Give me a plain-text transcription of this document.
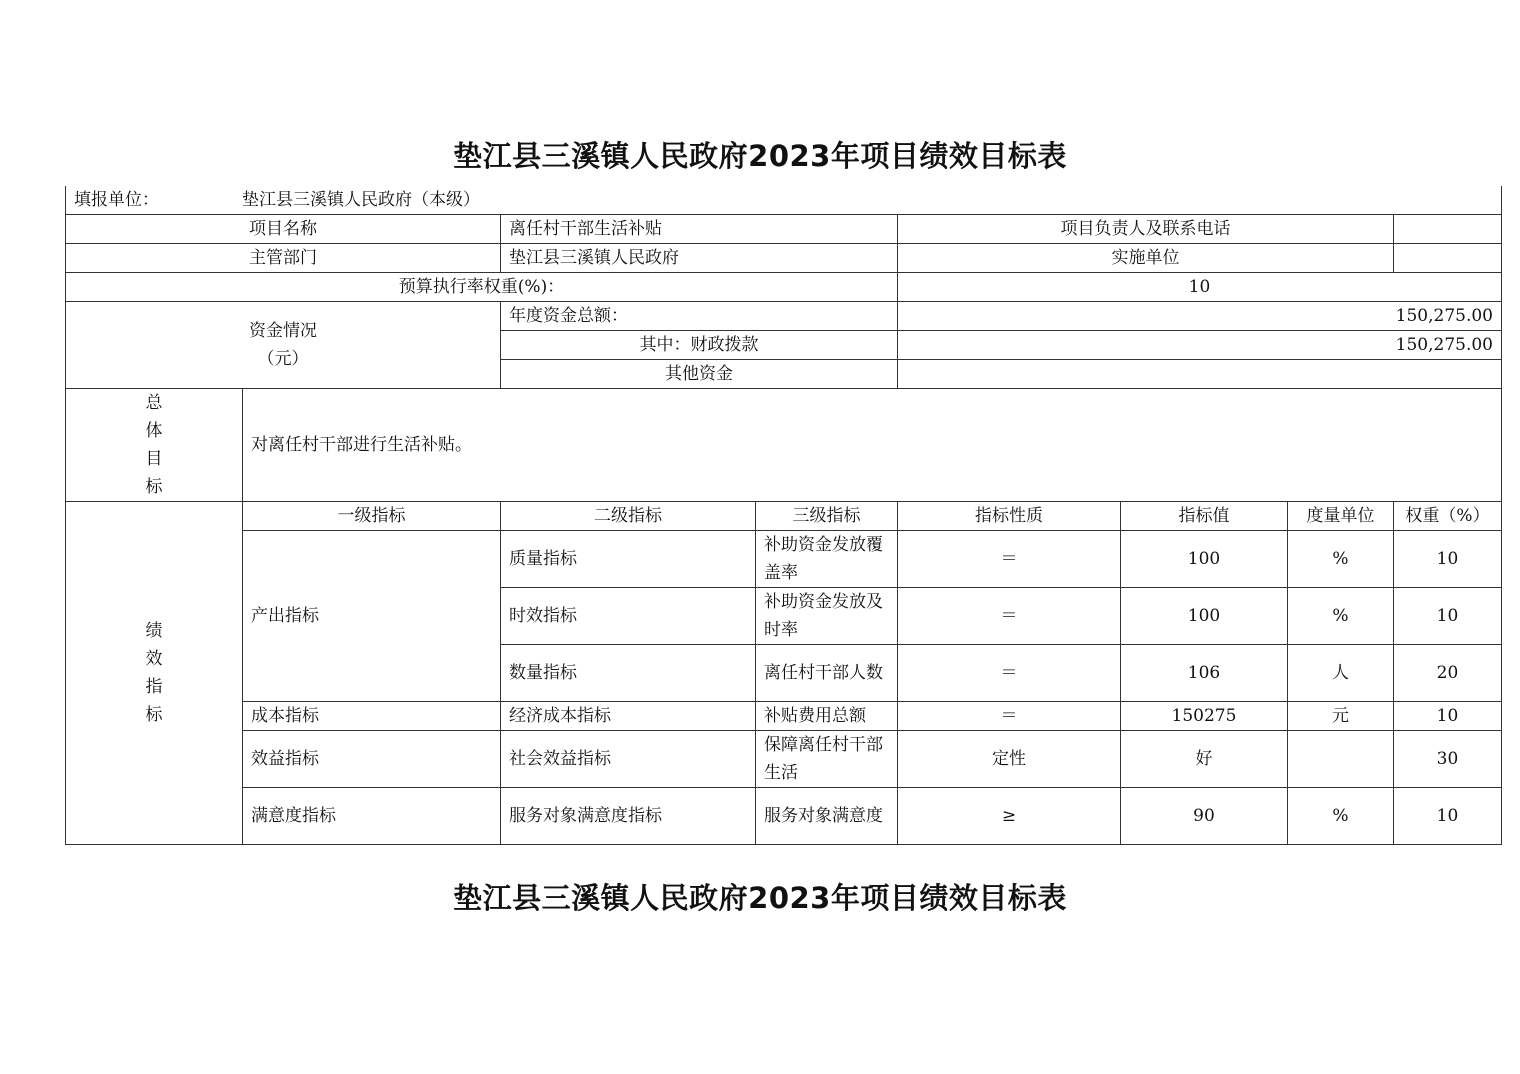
垫江县三溪镇人民政府2023年项目绩效目标表
填报单位： 垫江县三溪镇人民政府（本级）							
项目名称		离任村干部生活补贴		项目负责人及联系电话			
主管部门		垫江县三溪镇人民政府		实施单位			
预算执行率权重(%)：				10			

资金情况
（元）		年度资金总额：		150,275.00			
		其中：财政拨款		150,275.00			
		其他资金					

总
体
目
标	对离任村干部进行生活补贴。						

绩
效
指
标	一级指标	二级指标	三级指标	指标性质	指标值	度量单位	权重（%）
	产出指标	质量指标	补助资金发放覆盖率	＝	100	%	10
		时效指标	补助资金发放及时率	＝	100	%	10
		数量指标	离任村干部人数	＝	106	人	20
	成本指标	经济成本指标	补贴费用总额	＝	150275	元	10
	效益指标	社会效益指标	保障离任村干部生活	定性	好		30
	满意度指标	服务对象满意度指标	服务对象满意度	≥	90	%	10
垫江县三溪镇人民政府2023年项目绩效目标表
